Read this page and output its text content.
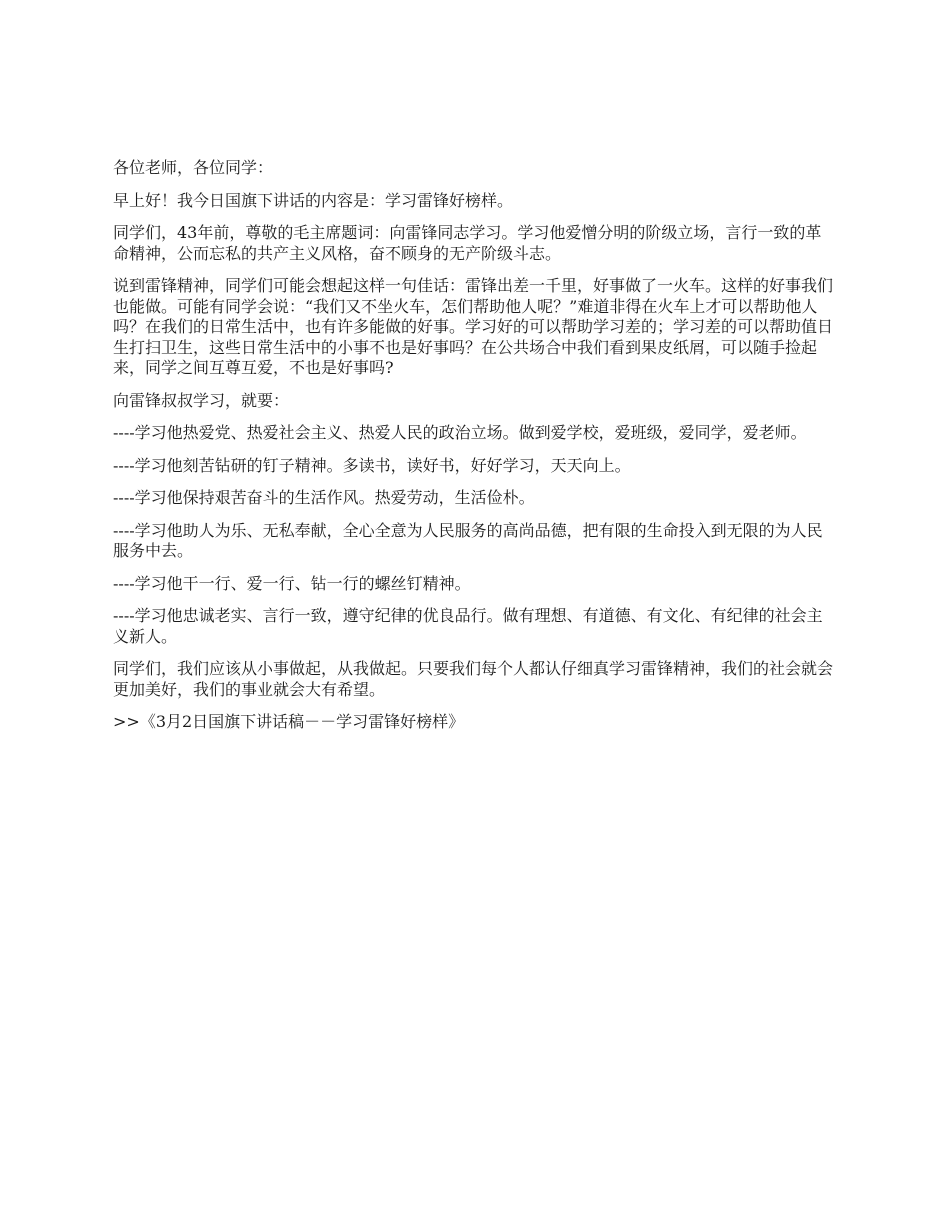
各位老师，各位同学：

早上好！我今日国旗下讲话的内容是：学习雷锋好榜样。

同学们，43年前，尊敬的毛主席题词：向雷锋同志学习。学习他爱憎分明的阶级立场，言行一致的革命精神，公而忘私的共产主义风格，奋不顾身的无产阶级斗志。

说到雷锋精神，同学们可能会想起这样一句佳话：雷锋出差一千里，好事做了一火车。这样的好事我们也能做。可能有同学会说：“我们又不坐火车，怎们帮助他人呢？”难道非得在火车上才可以帮助他人吗？在我们的日常生活中，也有许多能做的好事。学习好的可以帮助学习差的；学习差的可以帮助值日生打扫卫生，这些日常生活中的小事不也是好事吗？在公共场合中我们看到果皮纸屑，可以随手捡起来，同学之间互尊互爱，不也是好事吗?

向雷锋叔叔学习，就要：

----学习他热爱党、热爱社会主义、热爱人民的政治立场。做到爱学校，爱班级，爱同学，爱老师。

----学习他刻苦钻研的钉子精神。多读书，读好书，好好学习，天天向上。

----学习他保持艰苦奋斗的生活作风。热爱劳动，生活俭朴。

----学习他助人为乐、无私奉献，全心全意为人民服务的高尚品德，把有限的生命投入到无限的为人民服务中去。

----学习他干一行、爱一行、钻一行的螺丝钉精神。

----学习他忠诚老实、言行一致，遵守纪律的优良品行。做有理想、有道德、有文化、有纪律的社会主义新人。

同学们，我们应该从小事做起，从我做起。只要我们每个人都认仔细真学习雷锋精神，我们的社会就会更加美好，我们的事业就会大有希望。

>>《3月2日国旗下讲话稿－－学习雷锋好榜样》
